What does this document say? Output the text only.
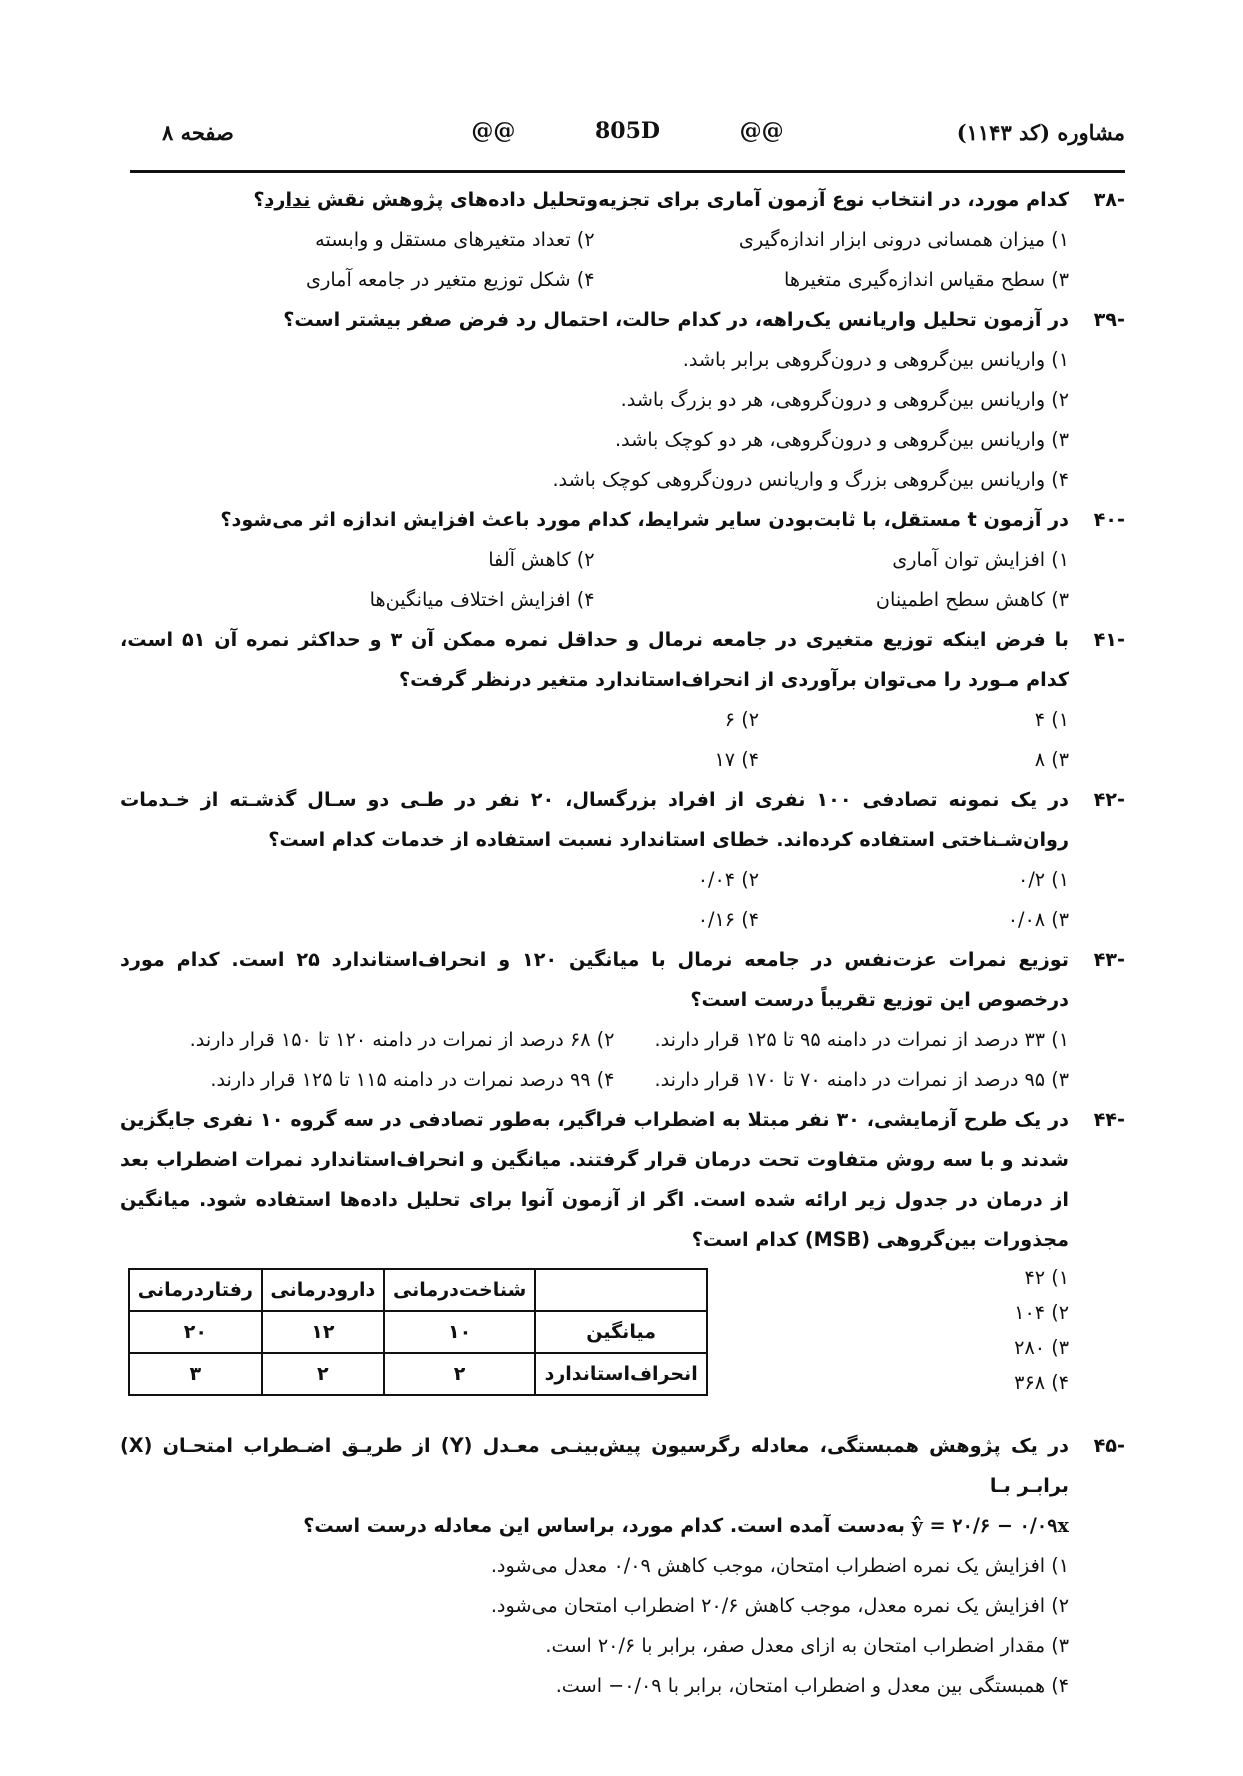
مشاوره (کد ۱۱۴۳)
@@	805D	@@
صفحه ۸
-۳۸
کدام مورد، در انتخاب نوع آزمون آماری برای تجزیه‌وتحلیل داده‌های پژوهش نقش ندارد؟
۱) میزان همسانی درونی ابزار اندازه‌گیری
۲) تعداد متغیرهای مستقل و وابسته
۳) سطح مقیاس اندازه‌گیری متغیرها
۴) شکل توزیع متغیر در جامعه آماری
-۳۹
در آزمون تحلیل واریانس یک‌راهه، در کدام حالت، احتمال رد فرض صفر بیشتر است؟
۱) واریانس بین‌گروهی و درون‌گروهی برابر باشد.
۲) واریانس بین‌گروهی و درون‌گروهی، هر دو بزرگ باشد.
۳) واریانس بین‌گروهی و درون‌گروهی، هر دو کوچک باشد.
۴) واریانس بین‌گروهی بزرگ و واریانس درون‌گروهی کوچک باشد.
-۴۰
در آزمون t مستقل، با ثابت‌بودن سایر شرایط، کدام مورد باعث افزایش اندازه اثر می‌شود؟
۱) افزایش توان آماری
۲) کاهش آلفا
۳) کاهش سطح اطمینان
۴) افزایش اختلاف میانگین‌ها
-۴۱
با فرض اینکه توزیع متغیری در جامعه نرمال و حداقل نمره ممکن آن ۳ و حداکثر نمره آن ۵۱ است، کدام مـورد را می‌توان برآوردی از انحراف‌استاندارد متغیر درنظر گرفت؟
۱) ۴
۲) ۶
۳) ۸
۴) ۱۷
-۴۲
در یک نمونه تصادفی ۱۰۰ نفری از افراد بزرگسال، ۲۰ نفر در طـی دو سـال گذشـته از خـدمات روان‌شـناختی استفاده کرده‌اند. خطای استاندارد نسبت استفاده از خدمات کدام است؟
۱) ۰/۲
۲) ۰/۰۴
۳) ۰/۰۸
۴) ۰/۱۶
-۴۳
توزیع نمرات عزت‌نفس در جامعه نرمال با میانگین ۱۲۰ و انحراف‌استاندارد ۲۵ است. کدام مورد درخصوص این توزیع تقریباً درست است؟
۱) ۳۳ درصد از نمرات در دامنه ۹۵ تا ۱۲۵ قرار دارند.
۲) ۶۸ درصد از نمرات در دامنه ۱۲۰ تا ۱۵۰ قرار دارند.
۳) ۹۵ درصد از نمرات در دامنه ۷۰ تا ۱۷۰ قرار دارند.
۴) ۹۹ درصد نمرات در دامنه ۱۱۵ تا ۱۲۵ قرار دارند.
-۴۴
در یک طرح آزمایشی، ۳۰ نفر مبتلا به اضطراب فراگیر، به‌طور تصادفی در سه گروه ۱۰ نفری جایگزین شدند و با سه روش متفاوت تحت درمان قرار گرفتند. میانگین و انحراف‌استاندارد نمرات اضطراب بعد از درمان در جدول زیر ارائه شده است. اگر از آزمون آنوا برای تحلیل داده‌ها استفاده شود. میانگین مجذورات بین‌گروهی (MSB) کدام است؟
۱) ۴۲
۲) ۱۰۴
۳) ۲۸۰
۴) ۳۶۸
	شناخت‌درمانی	دارودرمانی	رفتاردرمانی
میانگین	۱۰	۱۲	۲۰
انحراف‌استاندارد	۲	۲	۳
-۴۵
در یک پژوهش همبستگی، معادله رگرسیون پیش‌بینـی معـدل (Y) از طریـق اضـطراب امتحـان (X) برابـر بـا
ŷ = ۲۰/۶ − ۰/۰۹x به‌دست آمده است. کدام مورد، براساس این معادله درست است؟
۱) افزایش یک نمره اضطراب امتحان، موجب کاهش ۰/۰۹ معدل می‌شود.
۲) افزایش یک نمره معدل، موجب کاهش ۲۰/۶ اضطراب امتحان می‌شود.
۳) مقدار اضطراب امتحان به ازای معدل صفر، برابر با ۲۰/۶ است.
۴) همبستگی بین معدل و اضطراب امتحان، برابر با ۰/۰۹− است.
